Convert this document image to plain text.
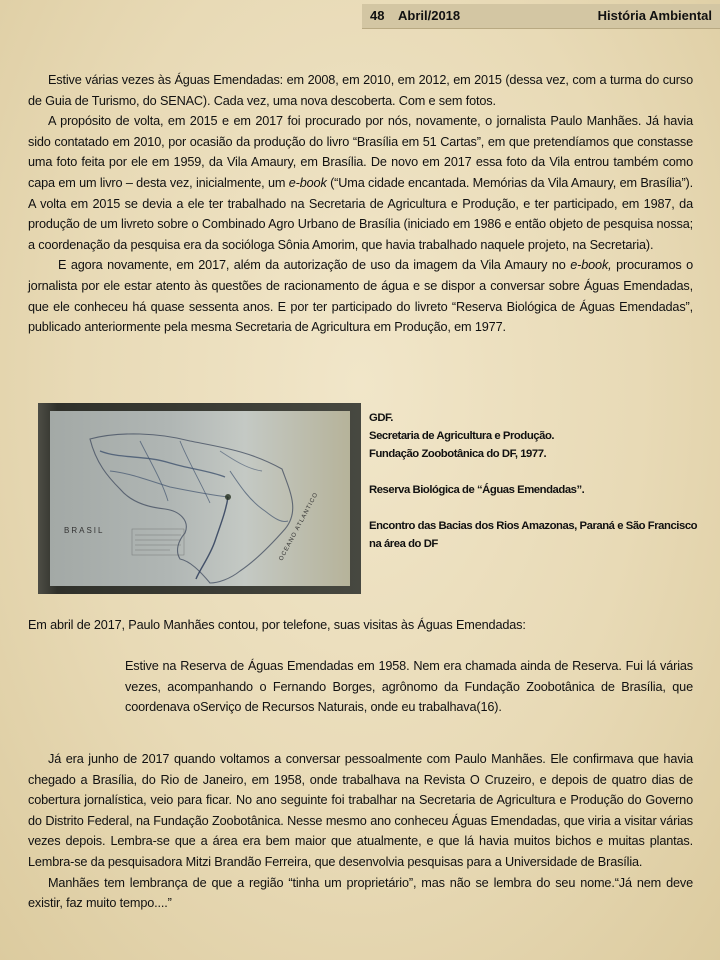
48 Abril/2018	História Ambiental

Estive várias vezes às Águas Emendadas: em 2008, em 2010, em 2012, em 2015 (dessa vez, com a turma do curso de Guia de Turismo, do SENAC). Cada vez, uma nova descoberta. Com e sem fotos.

A propósito de volta, em 2015 e em 2017 foi procurado por nós, novamente, o jornalista Paulo Manhães. Já havia sido contatado em 2010, por ocasião da produção do livro “Brasília em 51 Cartas”, em que pretendíamos que constasse uma foto feita por ele em 1959, da Vila Amaury, em Brasília. De novo em 2017 essa foto da Vila entrou também como capa em um livro – desta vez, inicialmente, um e-book (“Uma cidade encantada. Memórias da Vila Amaury, em Brasília”). A volta em 2015 se devia a ele ter trabalhado na Secretaria de Agricultura e Produção, e ter participado, em 1987, da produção de um livreto sobre o Combinado Agro Urbano de Brasília (iniciado em 1986 e então objeto de pesquisa nossa; a coordenação da pesquisa era da socióloga Sônia Amorim, que havia trabalhado naquele projeto, na Secretaria).

E agora novamente, em 2017, além da autorização de uso da imagem da Vila Amaury no e-book, procuramos o jornalista por ele estar atento às questões de racionamento de água e se dispor a conversar sobre Águas Emendadas, que ele conheceu há quase sessenta anos. E por ter participado do livreto “Reserva Biológica de Águas Emendadas”, publicado anteriormente pela mesma Secretaria de Agricultura em Produção, em 1977.

BRASIL	OCEANO ATLANTICO
GDF.
Secretaria de Agricultura e Produção.
Fundação Zoobotânica do DF, 1977.
Reserva Biológica de “Águas Emendadas”.
Encontro das Bacias dos Rios Amazonas, Paraná e São Francisco na área do DF
Em abril de 2017, Paulo Manhães contou, por telefone, suas visitas às Águas Emendadas:
Estive na Reserva de Águas Emendadas em 1958. Nem era chamada ainda de Reserva. Fui lá várias vezes, acompanhando o Fernando Borges, agrônomo da Fundação Zoobotânica de Brasília, que coordenava oServiço de Recursos Naturais, onde eu trabalhava(16).

Já era junho de 2017 quando voltamos a conversar pessoalmente com Paulo Manhães. Ele confirmava que havia chegado a Brasília, do Rio de Janeiro, em 1958, onde trabalhava na Revista O Cruzeiro, e depois de quatro dias de cobertura jornalística, veio para ficar. No ano seguinte foi trabalhar na Secretaria de Agricultura e Produção do Governo do Distrito Federal, na Fundação Zoobotânica. Nesse mesmo ano conheceu Águas Emendadas, que viria a visitar várias vezes depois. Lembra-se que a área era bem maior que atualmente, e que lá havia muitos bichos e muitas plantas. Lembra-se da pesquisadora Mitzi Brandão Ferreira, que desenvolvia pesquisas para a Universidade de Brasília.

Manhães tem lembrança de que a região “tinha um proprietário”, mas não se lembra do seu nome.“Já nem deve existir, faz muito tempo....”
